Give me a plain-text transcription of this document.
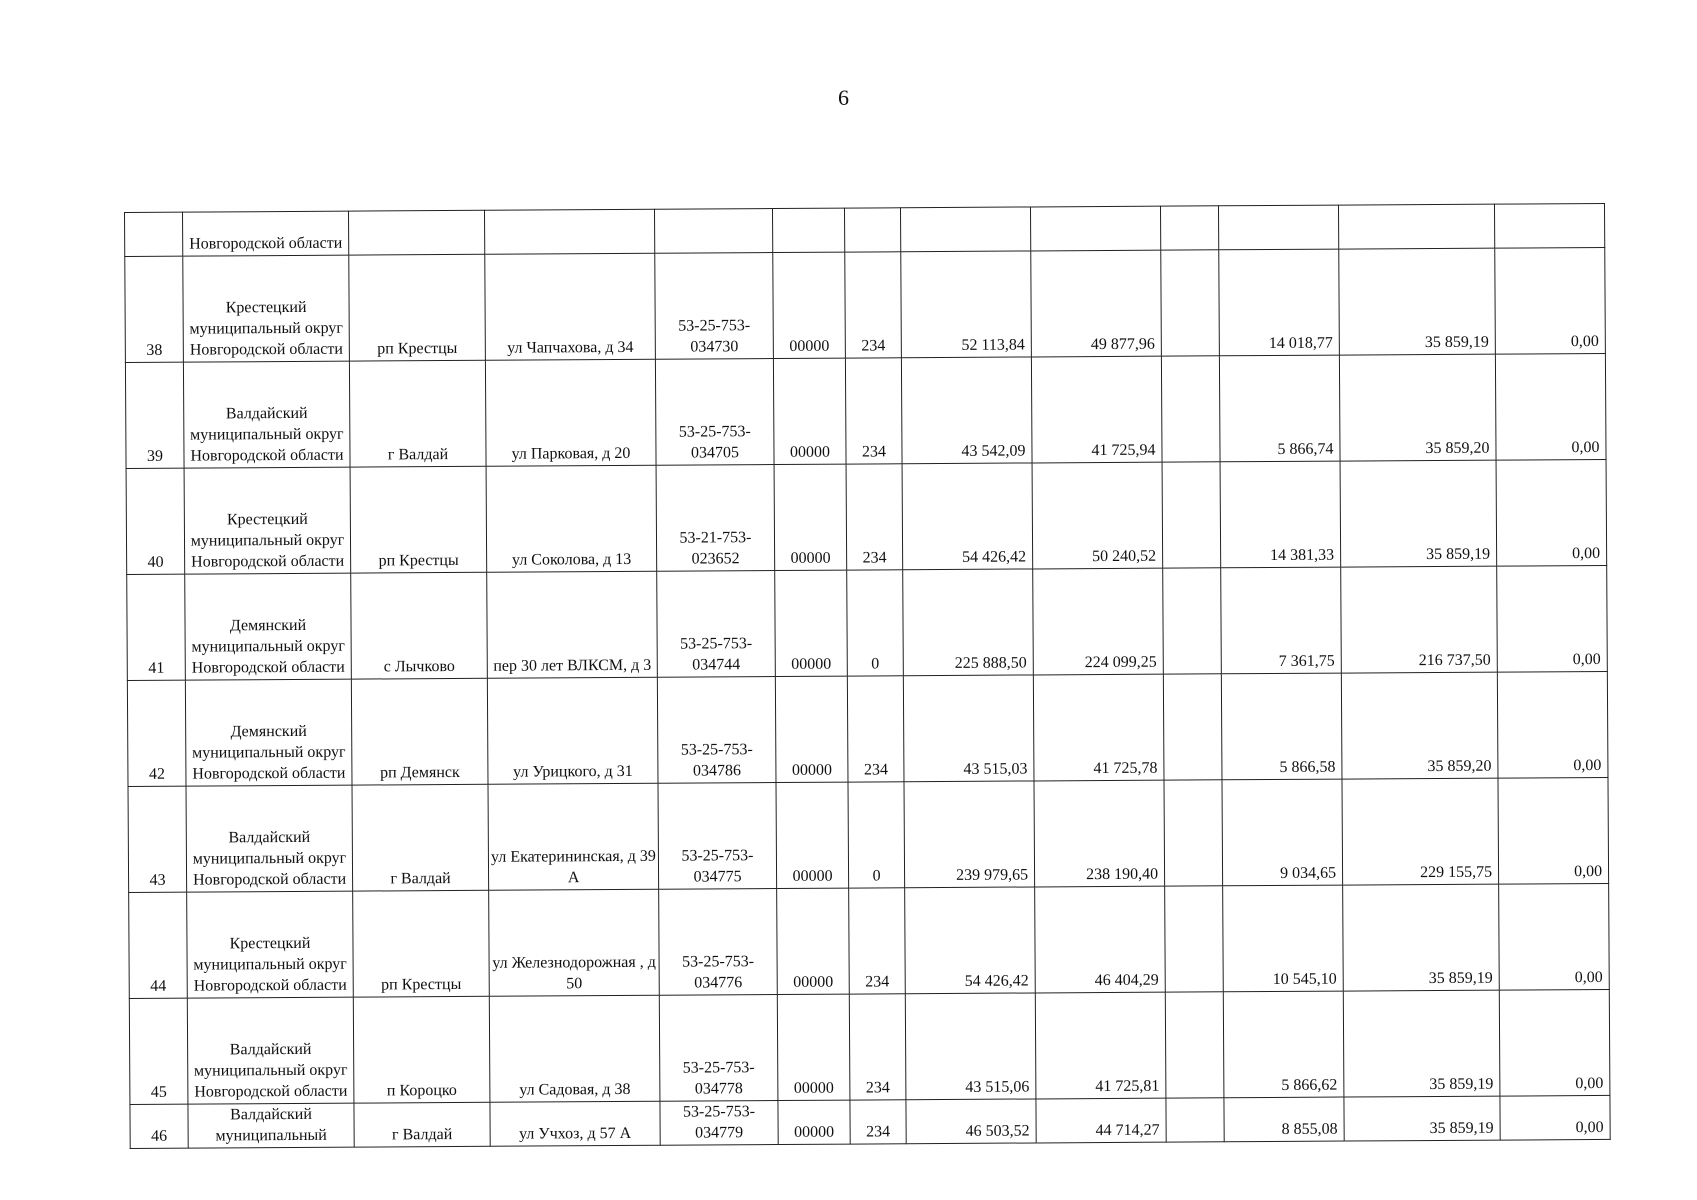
6
	Новгородской области											
38	Крестецкий муниципальный округ Новгородской области	рп Крестцы	ул Чапчахова, д 34	53-25-753-034730	00000	234	52 113,84	49 877,96		14 018,77	35 859,19	0,00
39	Валдайский муниципальный округ Новгородской области	г Валдай	ул Парковая, д 20	53-25-753-034705	00000	234	43 542,09	41 725,94		5 866,74	35 859,20	0,00
40	Крестецкий муниципальный округ Новгородской области	рп Крестцы	ул Соколова, д 13	53-21-753-023652	00000	234	54 426,42	50 240,52		14 381,33	35 859,19	0,00
41	Демянский муниципальный округ Новгородской области	с Лычково	пер 30 лет ВЛКСМ, д 3	53-25-753-034744	00000	0	225 888,50	224 099,25		7 361,75	216 737,50	0,00
42	Демянский муниципальный округ Новгородской области	рп Демянск	ул Урицкого, д 31	53-25-753-034786	00000	234	43 515,03	41 725,78		5 866,58	35 859,20	0,00
43	Валдайский муниципальный округ Новгородской области	г Валдай	ул Екатерининская, д 39 А	53-25-753-034775	00000	0	239 979,65	238 190,40		9 034,65	229 155,75	0,00
44	Крестецкий муниципальный округ Новгородской области	рп Крестцы	ул Железнодорожная , д 50	53-25-753-034776	00000	234	54 426,42	46 404,29		10 545,10	35 859,19	0,00
45	Валдайский муниципальный округ Новгородской области	п Короцко	ул Садовая, д 38	53-25-753-034778	00000	234	43 515,06	41 725,81		5 866,62	35 859,19	0,00
46	Валдайский муниципальный	г Валдай	ул Учхоз, д 57 А	53-25-753-034779	00000	234	46 503,52	44 714,27		8 855,08	35 859,19	0,00
